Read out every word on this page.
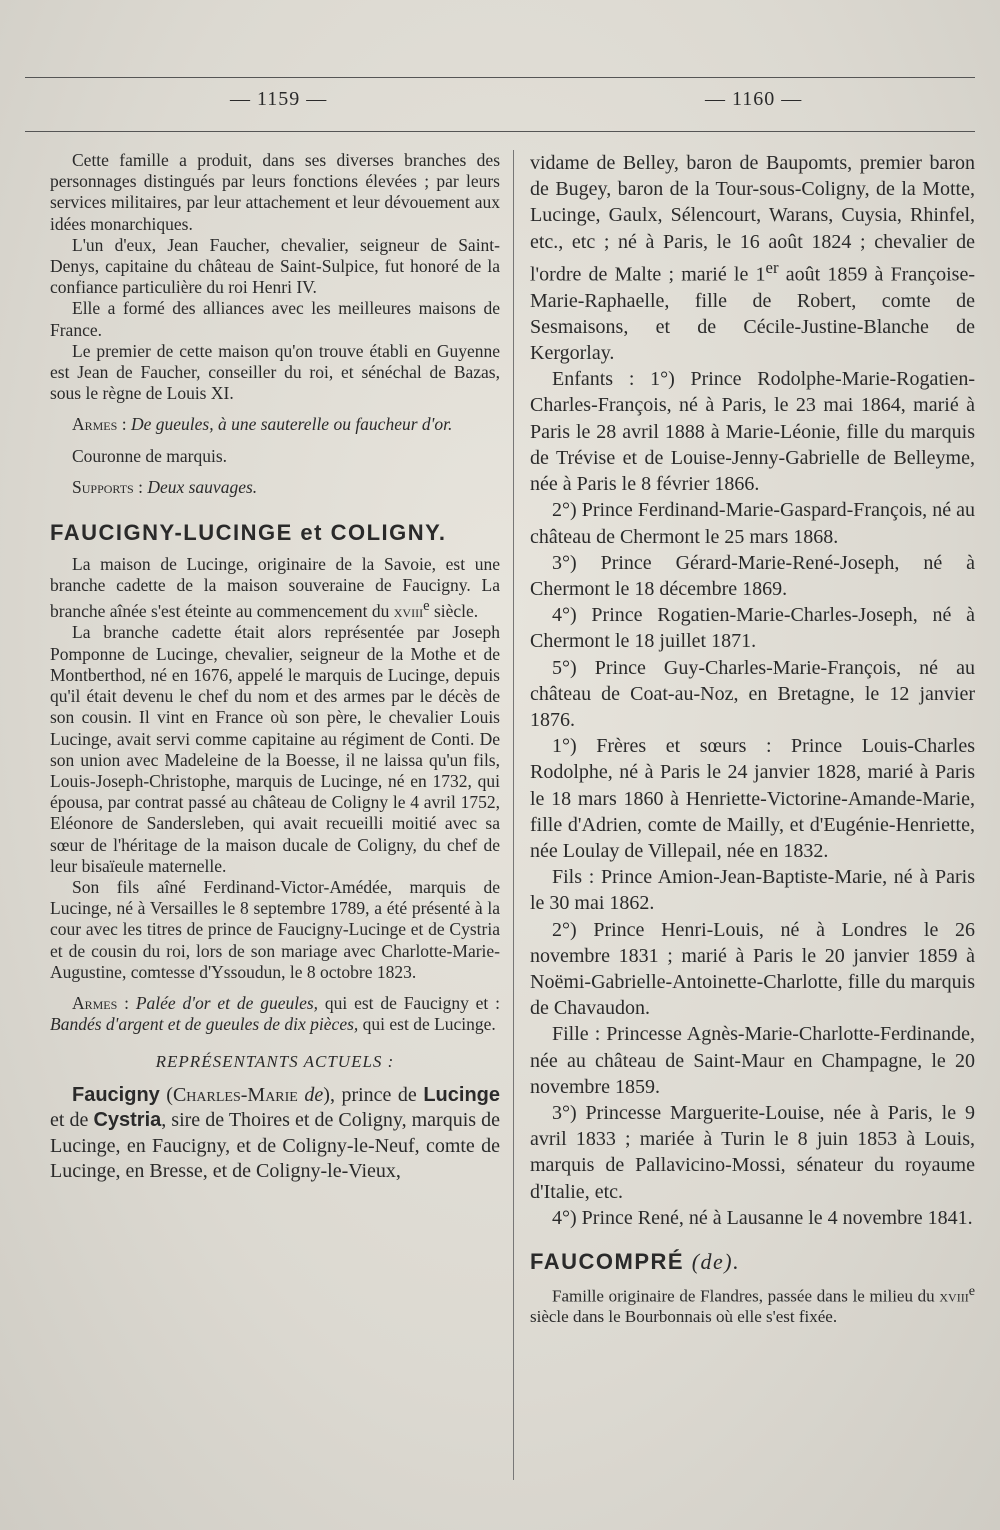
— 1159 —	— 1160 —

Cette famille a produit, dans ses diverses branches des personnages distingués par leurs fonctions élevées ; par leurs services militaires, par leur attachement et leur dévouement aux idées monarchiques.

L'un d'eux, Jean Faucher, chevalier, seigneur de Saint-Denys, capitaine du château de Saint-Sulpice, fut honoré de la confiance particulière du roi Henri IV.

Elle a formé des alliances avec les meilleures maisons de France.

Le premier de cette maison qu'on trouve établi en Guyenne est Jean de Faucher, conseiller du roi, et sénéchal de Bazas, sous le règne de Louis XI.

Armes : De gueules, à une sauterelle ou faucheur d'or.

Couronne de marquis.

Supports : Deux sauvages.

FAUCIGNY-LUCINGE et COLIGNY.

La maison de Lucinge, originaire de la Savoie, est une branche cadette de la maison souveraine de Faucigny. La branche aînée s'est éteinte au commencement du xviii$^e$ siècle.

La branche cadette était alors représentée par Joseph Pomponne de Lucinge, chevalier, seigneur de la Mothe et de Montberthod, né en 1676, appelé le marquis de Lucinge, depuis qu'il était devenu le chef du nom et des armes par le décès de son cousin. Il vint en France où son père, le chevalier Louis Lucinge, avait servi comme capitaine au régiment de Conti. De son union avec Madeleine de la Boesse, il ne laissa qu'un fils, Louis-Joseph-Christophe, marquis de Lucinge, né en 1732, qui épousa, par contrat passé au château de Coligny le 4 avril 1752, Eléonore de Sandersleben, qui avait recueilli moitié avec sa sœur de l'héritage de la maison ducale de Coligny, du chef de leur bisaïeule maternelle.

Son fils aîné Ferdinand-Victor-Amédée, marquis de Lucinge, né à Versailles le 8 septembre 1789, a été présenté à la cour avec les titres de prince de Faucigny-Lucinge et de Cystria et de cousin du roi, lors de son mariage avec Charlotte-Marie-Augustine, comtesse d'Yssoudun, le 8 octobre 1823.

Armes : Palée d'or et de gueules, qui est de Faucigny et : Bandés d'argent et de gueules de dix pièces, qui est de Lucinge.

REPRÉSENTANTS ACTUELS :

Faucigny (Charles-Marie de), prince de Lucinge et de Cystria, sire de Thoires et de Coligny, marquis de Lucinge, en Faucigny, et de Coligny-le-Neuf, comte de Lucinge, en Bresse, et de Coligny-le-Vieux,

vidame de Belley, baron de Baupomts, premier baron de Bugey, baron de la Tour-sous-Coligny, de la Motte, Lucinge, Gaulx, Sélencourt, Warans, Cuysia, Rhinfel, etc., etc ; né à Paris, le 16 août 1824 ; chevalier de l'ordre de Malte ; marié le 1er août 1859 à Françoise-Marie-Raphaelle, fille de Robert, comte de Sesmaisons, et de Cécile-Justine-Blanche de Kergorlay.

Enfants : 1°) Prince Rodolphe-Marie-Rogatien-Charles-François, né à Paris, le 23 mai 1864, marié à Paris le 28 avril 1888 à Marie-Léonie, fille du marquis de Trévise et de Louise-Jenny-Gabrielle de Belleyme, née à Paris le 8 février 1866.

2°) Prince Ferdinand-Marie-Gaspard-François, né au château de Chermont le 25 mars 1868.

3°) Prince Gérard-Marie-René-Joseph, né à Chermont le 18 décembre 1869.

4°) Prince Rogatien-Marie-Charles-Joseph, né à Chermont le 18 juillet 1871.

5°) Prince Guy-Charles-Marie-François, né au château de Coat-au-Noz, en Bretagne, le 12 janvier 1876.

1°) Frères et sœurs : Prince Louis-Charles Rodolphe, né à Paris le 24 janvier 1828, marié à Paris le 18 mars 1860 à Henriette-Victorine-Amande-Marie, fille d'Adrien, comte de Mailly, et d'Eugénie-Henriette, née Loulay de Villepail, née en 1832.

Fils : Prince Amion-Jean-Baptiste-Marie, né à Paris le 30 mai 1862.

2°) Prince Henri-Louis, né à Londres le 26 novembre 1831 ; marié à Paris le 20 janvier 1859 à Noëmi-Gabrielle-Antoinette-Charlotte, fille du marquis de Chavaudon.

Fille : Princesse Agnès-Marie-Charlotte-Ferdinande, née au château de Saint-Maur en Champagne, le 20 novembre 1859.

3°) Princesse Marguerite-Louise, née à Paris, le 9 avril 1833 ; mariée à Turin le 8 juin 1853 à Louis, marquis de Pallavicino-Mossi, sénateur du royaume d'Italie, etc.

4°) Prince René, né à Lausanne le 4 novembre 1841.

FAUCOMPRÉ (de).

Famille originaire de Flandres, passée dans le milieu du xviii$^e$ siècle dans le Bourbonnais où elle s'est fixée.
